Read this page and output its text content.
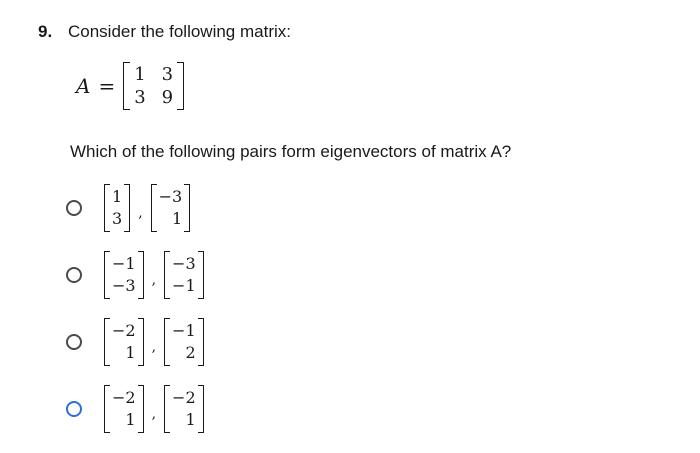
9. Consider the following matrix:
A = 1 3
3 9
Which of the following pairs form eigenvectors of matrix A?
1
3 ,
−3
1
−1
−3 ,
−3
−1
−2
1 ,
−1
2
−2
1 ,
−2
1
